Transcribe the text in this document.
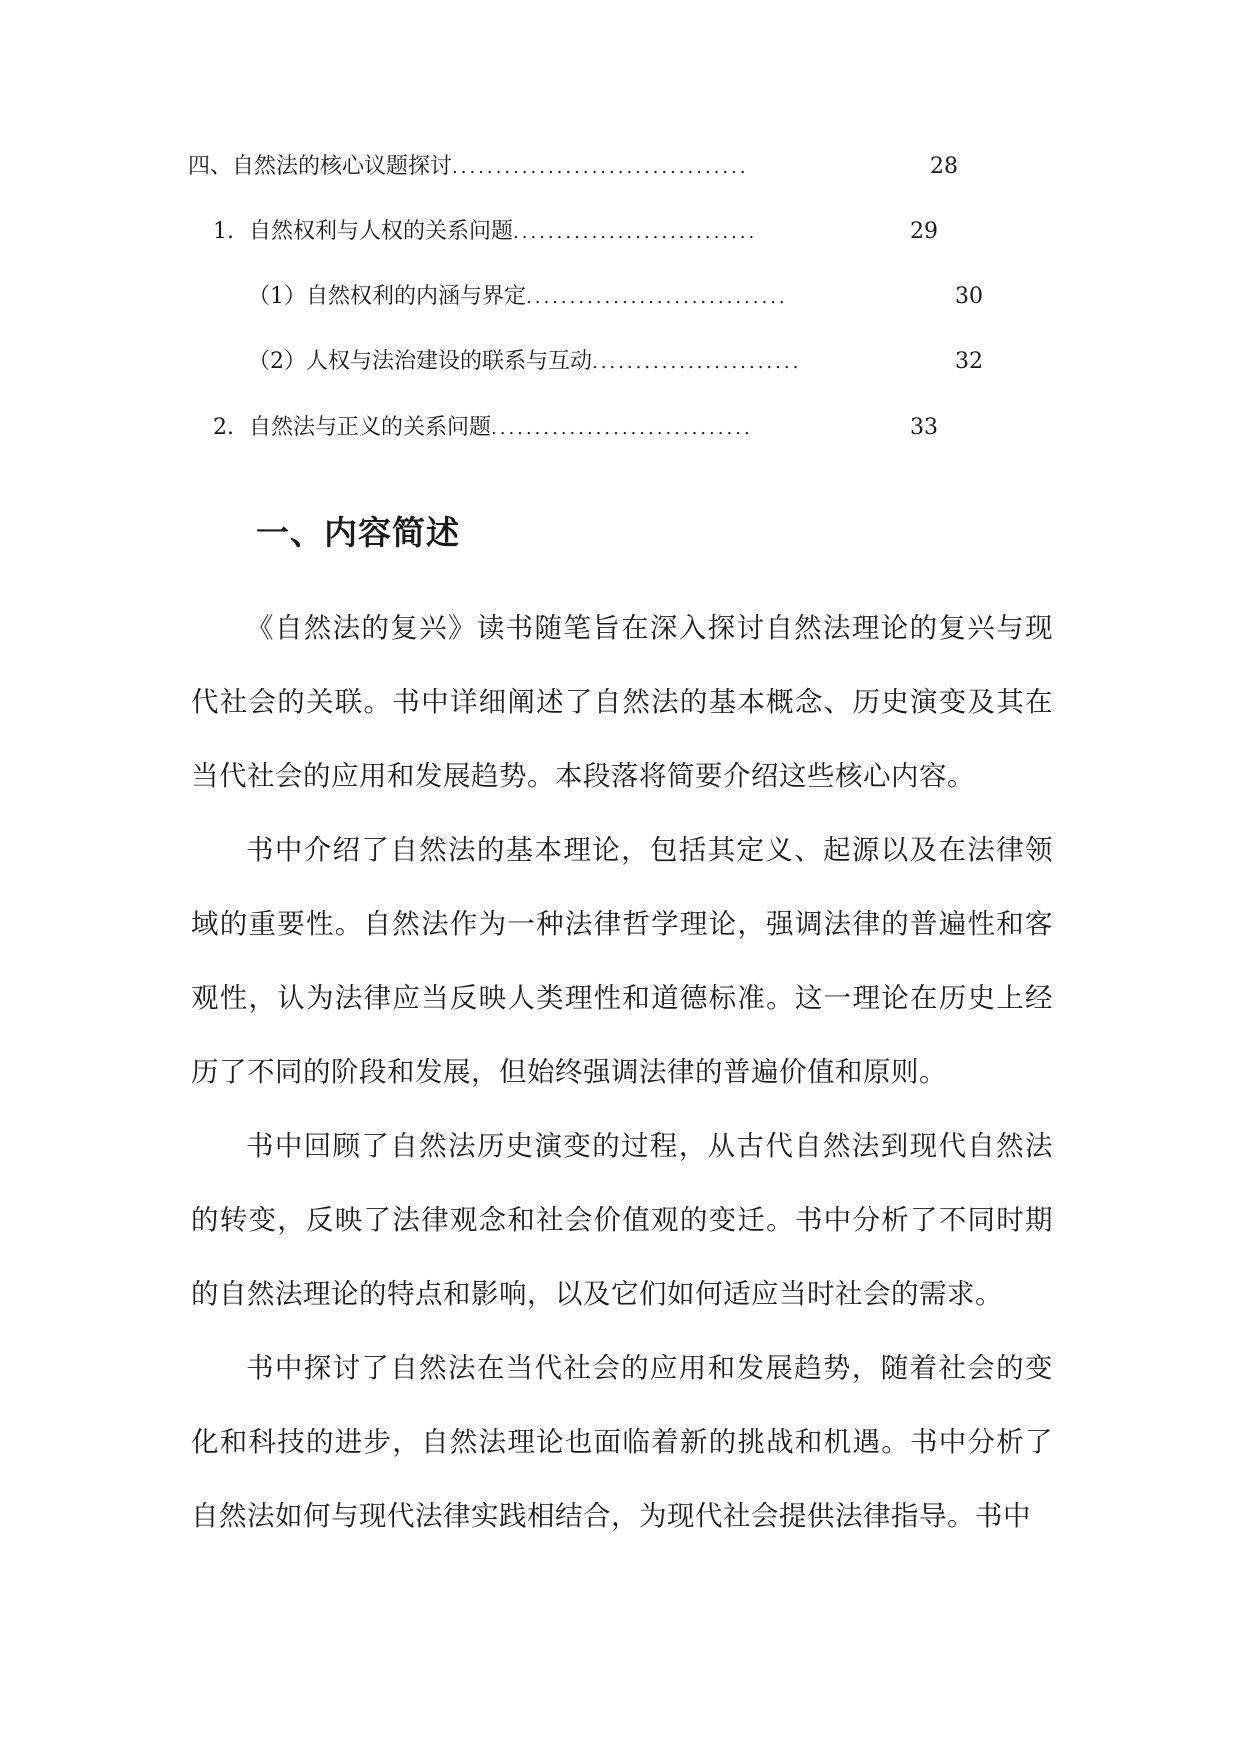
四、自然法的核心议题探讨 ..................................	28
1. 自然权利与人权的关系问题 ............................	29
（1）自然权利的内涵与界定 ..............................	30
（2）人权与法治建设的联系与互动 ........................	32
2. 自然法与正义的关系问题 ..............................	33
一、内容简述

《自然法的复兴》读书随笔旨在深入探讨自然法理论的复兴与现代社会的关联。书中详细阐述了自然法的基本概念、历史演变及其在当代社会的应用和发展趋势。本段落将简要介绍这些核心内容。

书中介绍了自然法的基本理论，包括其定义、起源以及在法律领域的重要性。自然法作为一种法律哲学理论，强调法律的普遍性和客观性，认为法律应当反映人类理性和道德标准。这一理论在历史上经历了不同的阶段和发展，但始终强调法律的普遍价值和原则。

书中回顾了自然法历史演变的过程，从古代自然法到现代自然法的转变，反映了法律观念和社会价值观的变迁。书中分析了不同时期的自然法理论的特点和影响，以及它们如何适应当时社会的需求。

书中探讨了自然法在当代社会的应用和发展趋势，随着社会的变化和科技的进步，自然法理论也面临着新的挑战和机遇。书中分析了自然法如何与现代法律实践相结合，为现代社会提供法律指导。书中
